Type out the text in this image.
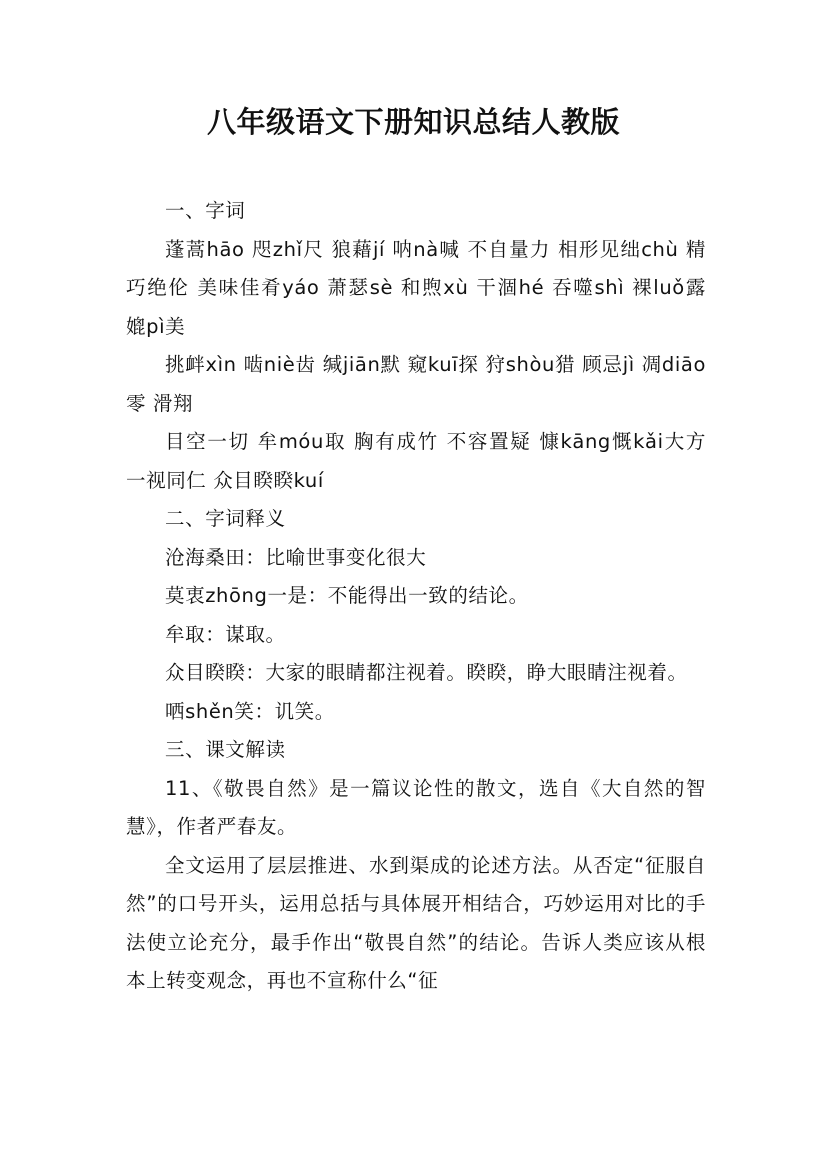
八年级语文下册知识总结人教版

一、字词

蓬蒿hāo 咫zhǐ尺 狼藉jí 呐nà喊 不自量力 相形见绌chù 精巧绝伦 美味佳肴yáo 萧瑟sè 和煦xù 干涸hé 吞噬shì 裸luǒ露 媲pì美

挑衅xìn 啮niè齿 缄jiān默 窥kuī探 狩shòu猎 顾忌jì 凋diāo零 滑翔

目空一切 牟móu取 胸有成竹 不容置疑 慷kāng慨kǎi大方 一视同仁 众目睽睽kuí

二、字词释义

沧海桑田：比喻世事变化很大

莫衷zhōng一是：不能得出一致的结论。

牟取：谋取。

众目睽睽：大家的眼睛都注视着。睽睽，睁大眼睛注视着。

哂shěn笑：讥笑。

三、课文解读

11、《敬畏自然》是一篇议论性的散文，选自《大自然的智慧》，作者严春友。

全文运用了层层推进、水到渠成的论述方法。从否定“征服自然”的口号开头，运用总括与具体展开相结合，巧妙运用对比的手法使立论充分，最手作出“敬畏自然”的结论。告诉人类应该从根本上转变观念，再也不宣称什么“征
